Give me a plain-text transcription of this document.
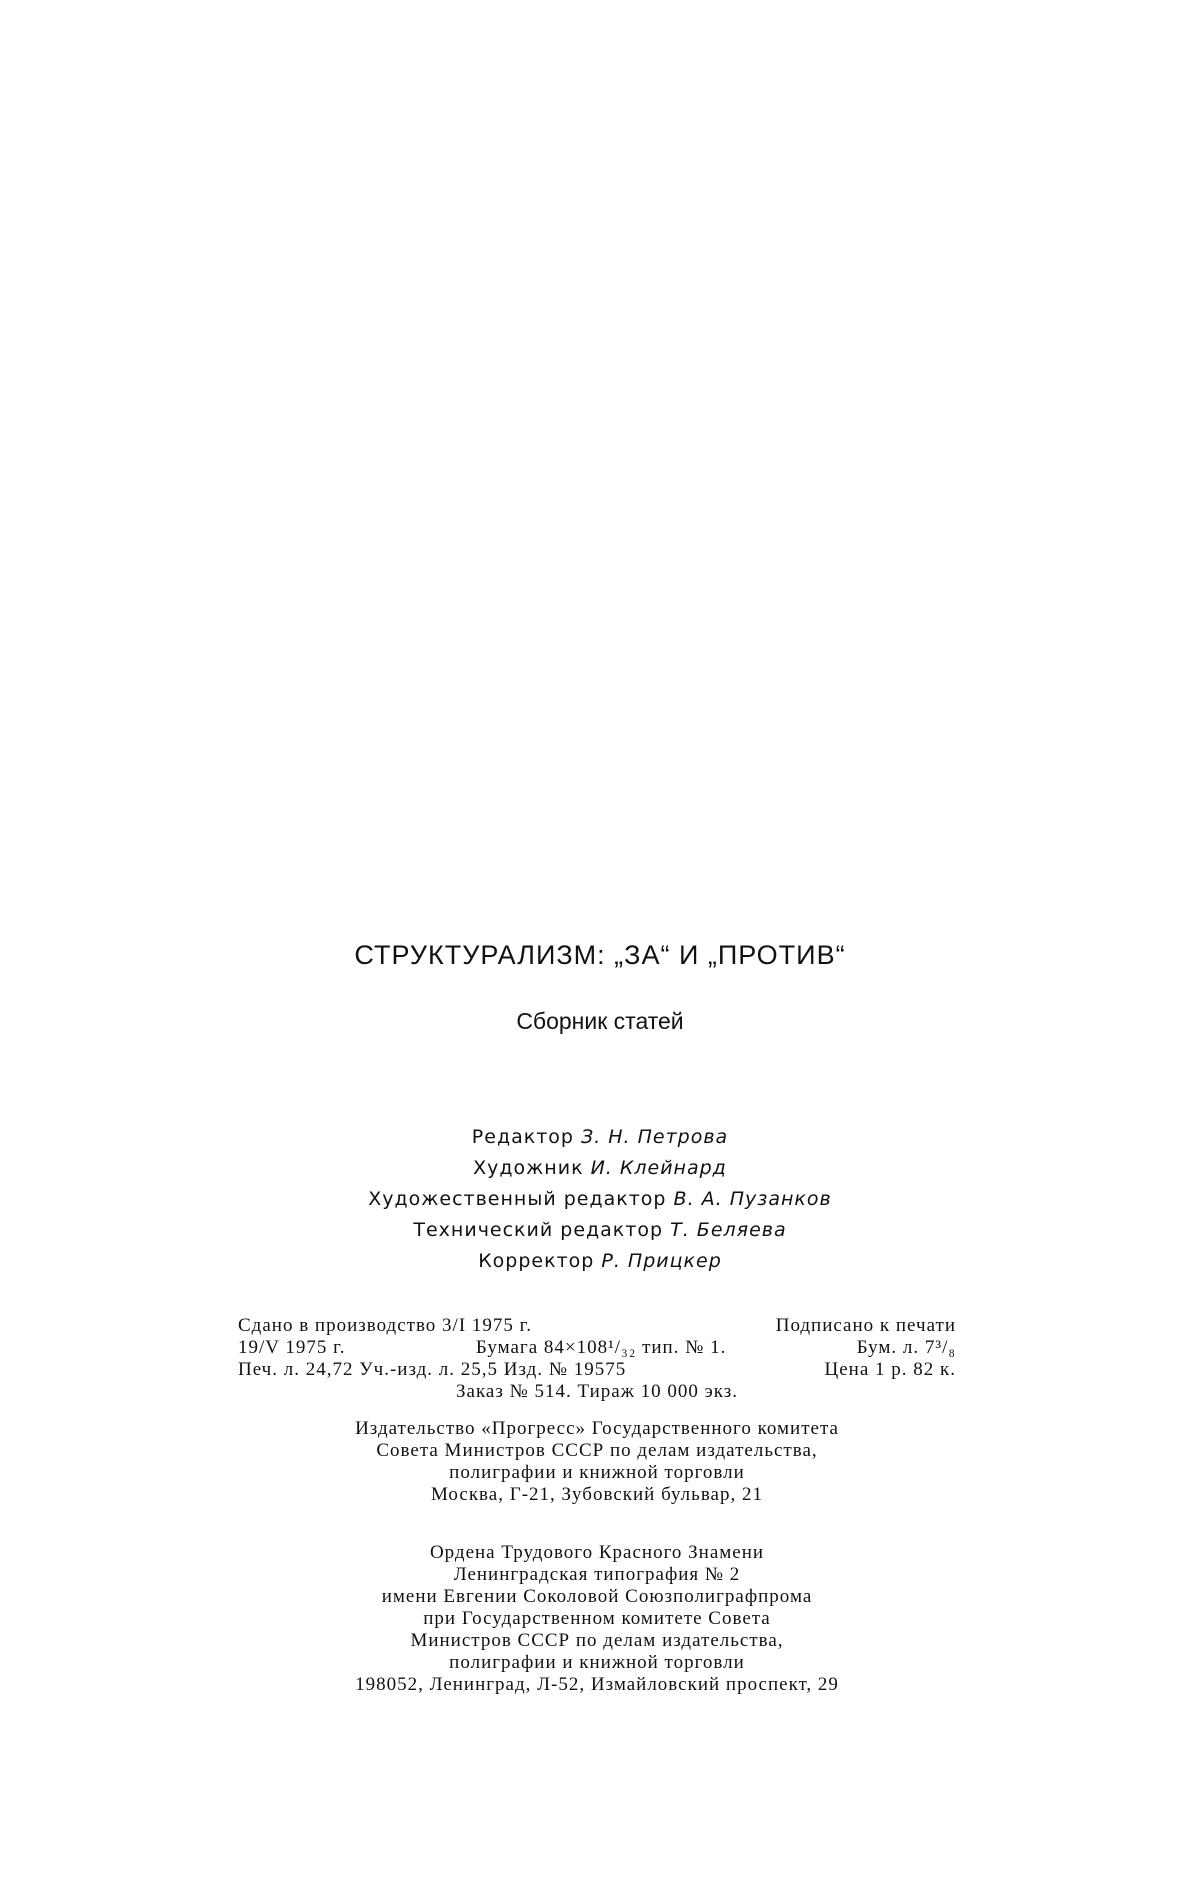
СТРУКТУРАЛИЗМ: „ЗА“ И „ПРОТИВ“
Сборник статей
Редактор З. Н. Петрова
Художник И. Клейнард
Художественный редактор В. А. Пузанков
Технический редактор Т. Беляева
Корректор Р. Прицкер
Сдано в производство 3/I 1975 г.	Подписано к печати
19/V 1975 г.	Бумага 84×108¹/₃₂ тип. № 1.	Бум. л. 7³/₈
Печ. л. 24,72 Уч.-изд. л. 25,5 Изд. № 19575	Цена 1 р. 82 к.
Заказ № 514. Тираж 10 000 экз.
Издательство «Прогресс» Государственного комитета
Совета Министров СССР по делам издательства,
полиграфии и книжной торговли
Москва, Г-21, Зубовский бульвар, 21
Ордена Трудового Красного Знамени
Ленинградская типография № 2
имени Евгении Соколовой Союзполиграфпрома
при Государственном комитете Совета
Министров СССР по делам издательства,
полиграфии и книжной торговли
198052, Ленинград, Л-52, Измайловский проспект, 29
